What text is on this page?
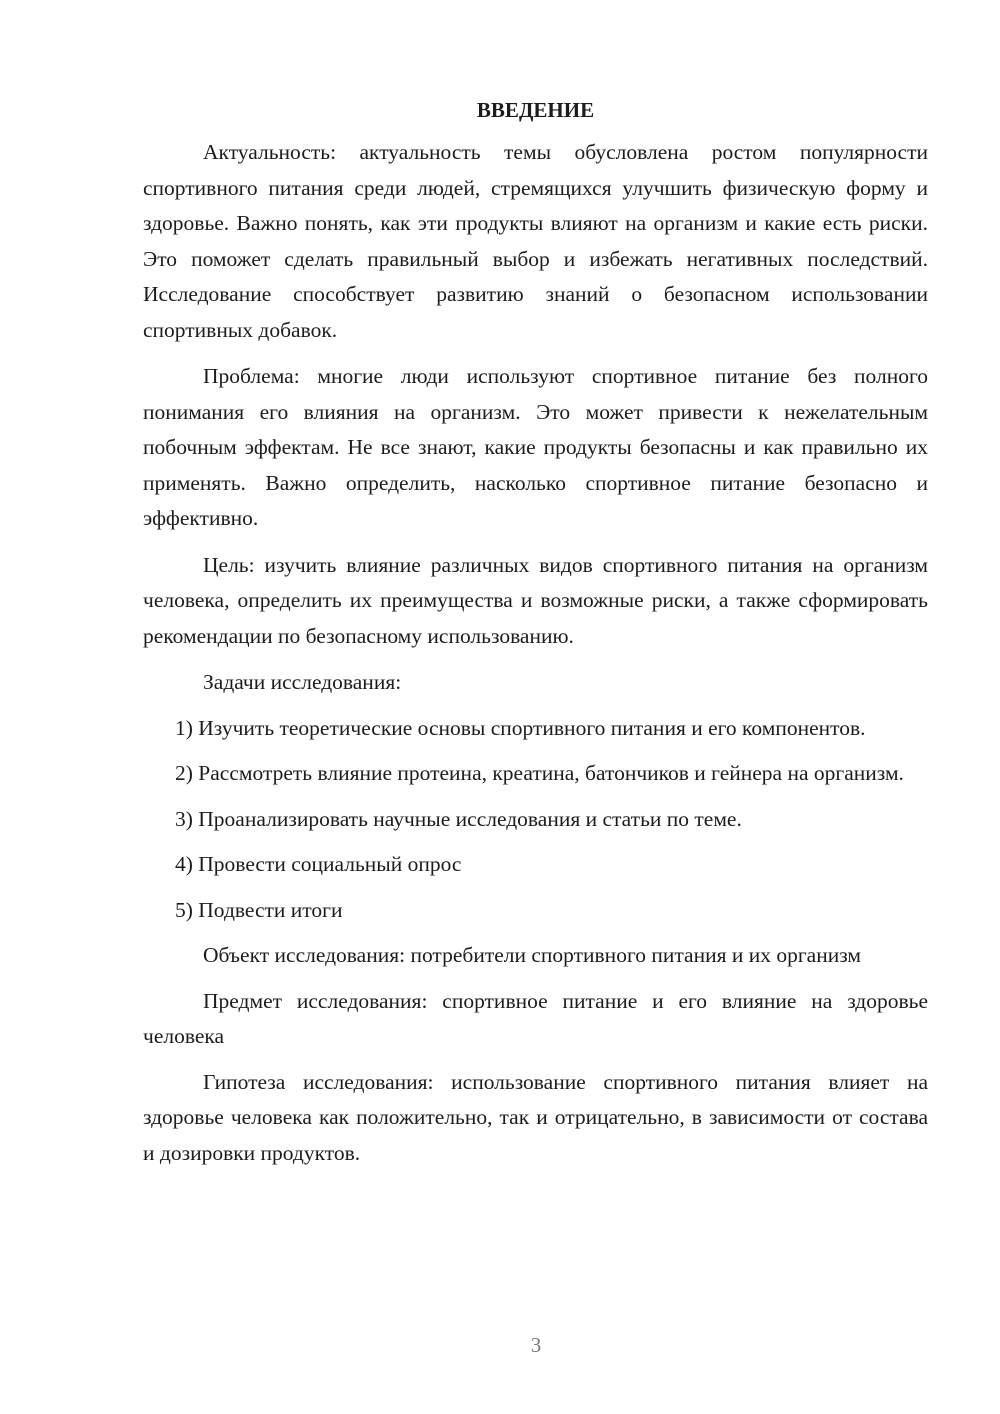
ВВЕДЕНИЕ

Актуальность: актуальность темы обусловлена ростом популярности спортивного питания среди людей, стремящихся улучшить физическую форму и здоровье. Важно понять, как эти продукты влияют на организм и какие есть риски. Это поможет сделать правильный выбор и избежать негативных последствий. Исследование способствует развитию знаний о безопасном использовании спортивных добавок.

Проблема: многие люди используют спортивное питание без полного понимания его влияния на организм. Это может привести к нежелательным побочным эффектам. Не все знают, какие продукты безопасны и как правильно их применять. Важно определить, насколько спортивное питание безопасно и эффективно.

Цель: изучить влияние различных видов спортивного питания на организм человека, определить их преимущества и возможные риски, а также сформировать рекомендации по безопасному использованию.

Задачи исследования:

1) Изучить теоретические основы спортивного питания и его компонентов.

2) Рассмотреть влияние протеина, креатина, батончиков и гейнера на организм.

3) Проанализировать научные исследования и статьи по теме.

4) Провести социальный опрос

5) Подвести итоги

Объект исследования: потребители спортивного питания и их организм

Предмет исследования: спортивное питание и его влияние на здоровье человека

Гипотеза исследования: использование спортивного питания влияет на здоровье человека как положительно, так и отрицательно, в зависимости от состава и дозировки продуктов.

3
